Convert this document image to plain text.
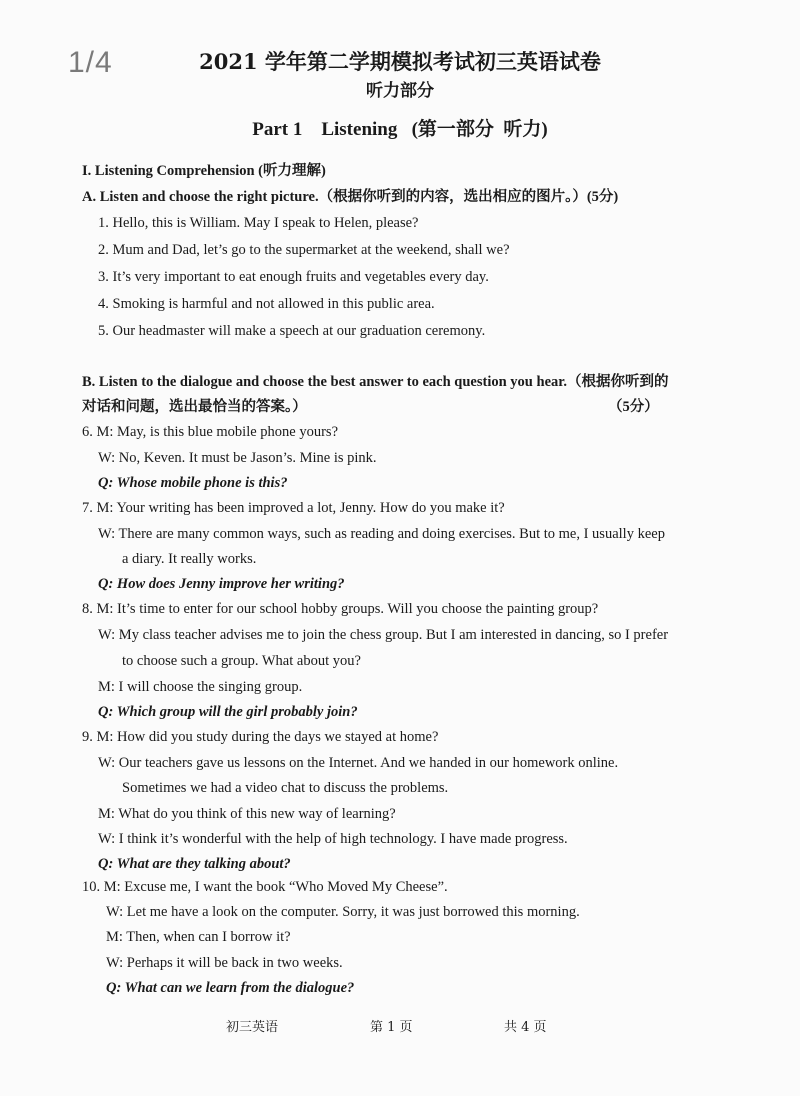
1/4	2021 学年第二学期模拟考试初三英语试卷
听力部分
Part 1    Listening   (第一部分  听力)
I. Listening Comprehension (听力理解)
A. Listen and choose the right picture.（根据你听到的内容，选出相应的图片。）(5分)
1. Hello, this is William. May I speak to Helen, please?
2. Mum and Dad, let’s go to the supermarket at the weekend, shall we?
3. It’s very important to eat enough fruits and vegetables every day.
4. Smoking is harmful and not allowed in this public area.
5. Our headmaster will make a speech at our graduation ceremony.
B. Listen to the dialogue and choose the best answer to each question you hear.（根据你听到的
对话和问题，选出最恰当的答案。）	（5分）
6. M: May, is this blue mobile phone yours?
W: No, Keven. It must be Jason’s. Mine is pink.
Q: Whose mobile phone is this?
7. M: Your writing has been improved a lot, Jenny. How do you make it?
W: There are many common ways, such as reading and doing exercises. But to me, I usually keep
a diary. It really works.
Q: How does Jenny improve her writing?
8. M: It’s time to enter for our school hobby groups. Will you choose the painting group?
W: My class teacher advises me to join the chess group. But I am interested in dancing, so I prefer
to choose such a group. What about you?
M: I will choose the singing group.
Q: Which group will the girl probably join?
9. M: How did you study during the days we stayed at home?
W: Our teachers gave us lessons on the Internet. And we handed in our homework online.
Sometimes we had a video chat to discuss the problems.
M: What do you think of this new way of learning?
W: I think it’s wonderful with the help of high technology. I have made progress.
Q: What are they talking about?
10. M: Excuse me, I want the book “Who Moved My Cheese”.
W: Let me have a look on the computer. Sorry, it was just borrowed this morning.
M: Then, when can I borrow it?
W: Perhaps it will be back in two weeks.
Q: What can we learn from the dialogue?
初三英语	第 1 页	共 4 页
